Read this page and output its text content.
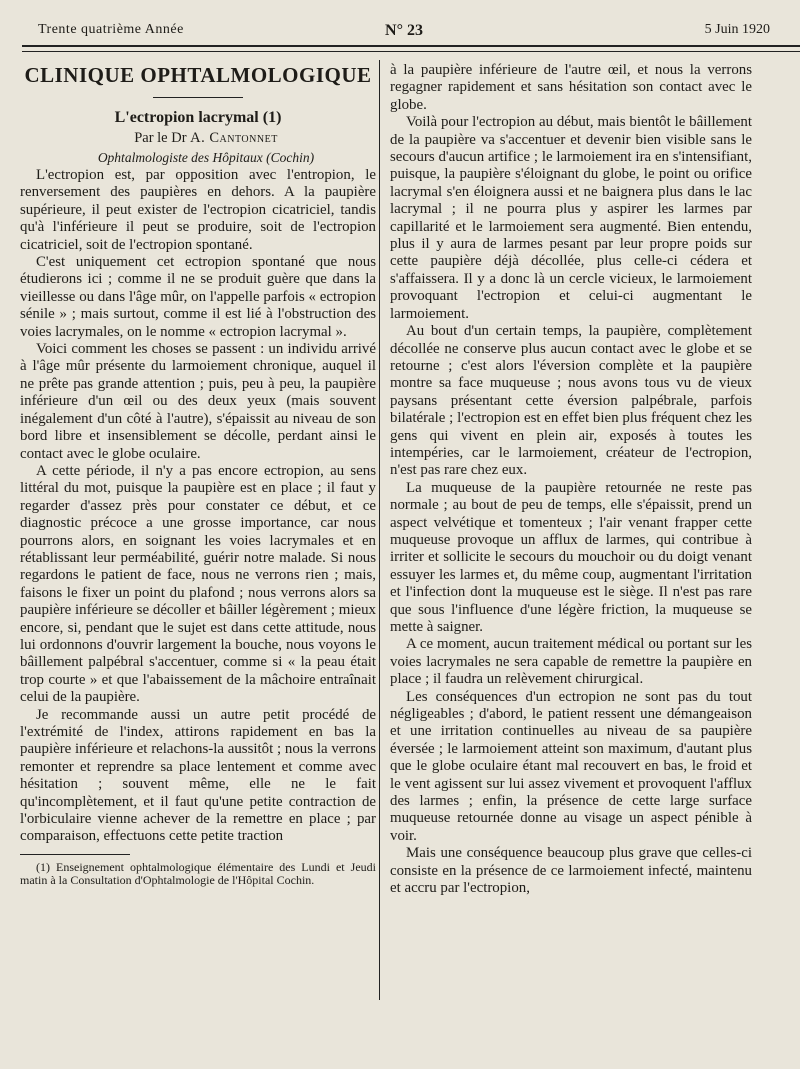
Trente quatrième Année	N° 23	5 Juin 1920
CLINIQUE OPHTALMOLOGIQUE
L'ectropion lacrymal (1)

Par le Dr A. Cantonnet

Ophtalmologiste des Hôpitaux (Cochin)

L'ectropion est, par opposition avec l'entropion, le renversement des paupières en dehors. A la paupière supérieure, il peut exister de l'ectropion cicatriciel, tandis qu'à l'inférieure il peut se produire, soit de l'ectropion cicatriciel, soit de l'ectropion spontané.

C'est uniquement cet ectropion spontané que nous étudierons ici ; comme il ne se produit guère que dans la vieillesse ou dans l'âge mûr, on l'appelle parfois « ectropion sénile » ; mais surtout, comme il est lié à l'obstruction des voies lacrymales, on le nomme « ectropion lacrymal ».

Voici comment les choses se passent : un individu arrivé à l'âge mûr présente du larmoiement chronique, auquel il ne prête pas grande attention ; puis, peu à peu, la paupière inférieure d'un œil ou des deux yeux (mais souvent inégalement d'un côté à l'autre), s'épaissit au niveau de son bord libre et insensiblement se décolle, perdant ainsi le contact avec le globe oculaire.

A cette période, il n'y a pas encore ectropion, au sens littéral du mot, puisque la paupière est en place ; il faut y regarder d'assez près pour constater ce début, et ce diagnostic précoce a une grosse importance, car nous pourrons alors, en soignant les voies lacrymales et en rétablissant leur perméabilité, guérir notre malade. Si nous regardons le patient de face, nous ne verrons rien ; mais, faisons le fixer un point du plafond ; nous verrons alors sa paupière inférieure se décoller et bâiller légèrement ; mieux encore, si, pendant que le sujet est dans cette attitude, nous lui ordonnons d'ouvrir largement la bouche, nous voyons le bâillement palpébral s'accentuer, comme si « la peau était trop courte » et que l'abaissement de la mâchoire entraînait celui de la paupière.

Je recommande aussi un autre petit procédé de l'extrémité de l'index, attirons rapidement en bas la paupière inférieure et relachons-la aussitôt ; nous la verrons remonter et reprendre sa place lentement et comme avec hésitation ; souvent même, elle ne le fait qu'incomplètement, et il faut qu'une petite contraction de l'orbiculaire vienne achever de la remettre en place ; par comparaison, effectuons cette petite traction

(1) Enseignement ophtalmologique élémentaire des Lundi et Jeudi matin à la Consultation d'Ophtalmologie de l'Hôpital Cochin.

à la paupière inférieure de l'autre œil, et nous la verrons regagner rapidement et sans hésitation son contact avec le globe.

Voilà pour l'ectropion au début, mais bientôt le bâillement de la paupière va s'accentuer et devenir bien visible sans le secours d'aucun artifice ; le larmoiement ira en s'intensifiant, puisque, la paupière s'éloignant du globe, le point ou orifice lacrymal s'en éloignera aussi et ne baignera plus dans le lac lacrymal ; il ne pourra plus y aspirer les larmes par capillarité et le larmoiement sera augmenté. Bien entendu, plus il y aura de larmes pesant par leur propre poids sur cette paupière déjà décollée, plus celle-ci cédera et s'affaissera. Il y a donc là un cercle vicieux, le larmoiement provoquant l'ectropion et celui-ci augmentant le larmoiement.

Au bout d'un certain temps, la paupière, complètement décollée ne conserve plus aucun contact avec le globe et se retourne ; c'est alors l'éversion complète et la paupière montre sa face muqueuse ; nous avons tous vu de vieux paysans présentant cette éversion palpébrale, parfois bilatérale ; l'ectropion est en effet bien plus fréquent chez les gens qui vivent en plein air, exposés à toutes les intempéries, car le larmoiement, créateur de l'ectropion, n'est pas rare chez eux.

La muqueuse de la paupière retournée ne reste pas normale ; au bout de peu de temps, elle s'épaissit, prend un aspect velvétique et tomenteux ; l'air venant frapper cette muqueuse provoque un afflux de larmes, qui contribue à irriter et sollicite le secours du mouchoir ou du doigt venant essuyer les larmes et, du même coup, augmentant l'irritation et l'infection dont la muqueuse est le siège. Il n'est pas rare que sous l'influence d'une légère friction, la muqueuse se mette à saigner.

A ce moment, aucun traitement médical ou portant sur les voies lacrymales ne sera capable de remettre la paupière en place ; il faudra un relèvement chirurgical.

Les conséquences d'un ectropion ne sont pas du tout négligeables ; d'abord, le patient ressent une démangeaison et une irritation continuelles au niveau de sa paupière éversée ; le larmoiement atteint son maximum, d'autant plus que le globe oculaire étant mal recouvert en bas, le froid et le vent agissent sur lui assez vivement et provoquent l'afflux des larmes ; enfin, la présence de cette large surface muqueuse retournée donne au visage un aspect pénible à voir.

Mais une conséquence beaucoup plus grave que celles-ci consiste en la présence de ce larmoiement infecté, maintenu et accru par l'ectropion,
